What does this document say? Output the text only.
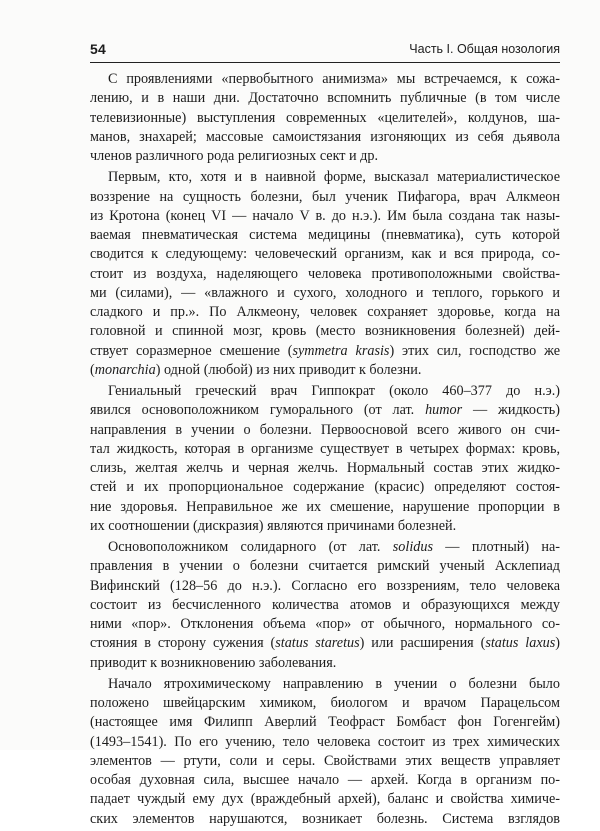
54	Часть I. Общая нозология
С проявлениями «первобытного анимизма» мы встречаемся, к сожа-
лению, и в наши дни. Достаточно вспомнить публичные (в том числе
телевизионные) выступления современных «целителей», колдунов, ша-
манов, знахарей; массовые самоистязания изгоняющих из себя дьявола
членов различного рода религиозных сект и др.
Первым, кто, хотя и в наивной форме, высказал материалистическое
воззрение на сущность болезни, был ученик Пифагора, врач Алкмеон
из Кротона (конец VI — начало V в. до н.э.). Им была создана так назы-
ваемая пневматическая система медицины (пневматика), суть которой
сводится к следующему: человеческий организм, как и вся природа, со-
стоит из воздуха, наделяющего человека противоположными свойства-
ми (силами), — «влажного и сухого, холодного и теплого, горького и
сладкого и пр.». По Алкмеону, человек сохраняет здоровье, когда на
головной и спинной мозг, кровь (место возникновения болезней) дей-
ствует соразмерное смешение (symmetra krasis) этих сил, господство же
(monarchia) одной (любой) из них приводит к болезни.
Гениальный греческий врач Гиппократ (около 460–377 до н.э.)
явился основоположником гуморального (от лат. humor — жидкость)
направления в учении о болезни. Первоосновой всего живого он счи-
тал жидкость, которая в организме существует в четырех формах: кровь,
слизь, желтая желчь и черная желчь. Нормальный состав этих жидко-
стей и их пропорциональное содержание (красис) определяют состоя-
ние здоровья. Неправильное же их смешение, нарушение пропорции в
их соотношении (дискразия) являются причинами болезней.
Основоположником солидарного (от лат. solidus — плотный) на-
правления в учении о болезни считается римский ученый Асклепиад
Вифинский (128–56 до н.э.). Согласно его воззрениям, тело человека
состоит из бесчисленного количества атомов и образующихся между
ними «пор». Отклонения объема «пор» от обычного, нормального со-
стояния в сторону сужения (status staretus) или расширения (status laxus)
приводит к возникновению заболевания.
Начало ятрохимическому направлению в учении о болезни было
положено швейцарским химиком, биологом и врачом Парацельсом
(настоящее имя Филипп Аверлий Теофраст Бомбаст фон Гогенгейм)
(1493–1541). По его учению, тело человека состоит из трех химических
элементов — ртути, соли и серы. Свойствами этих веществ управляет
особая духовная сила, высшее начало — архей. Когда в организм по-
падает чуждый ему дух (враждебный архей), баланс и свойства химиче-
ских элементов нарушаются, возникает болезнь. Система взглядов
